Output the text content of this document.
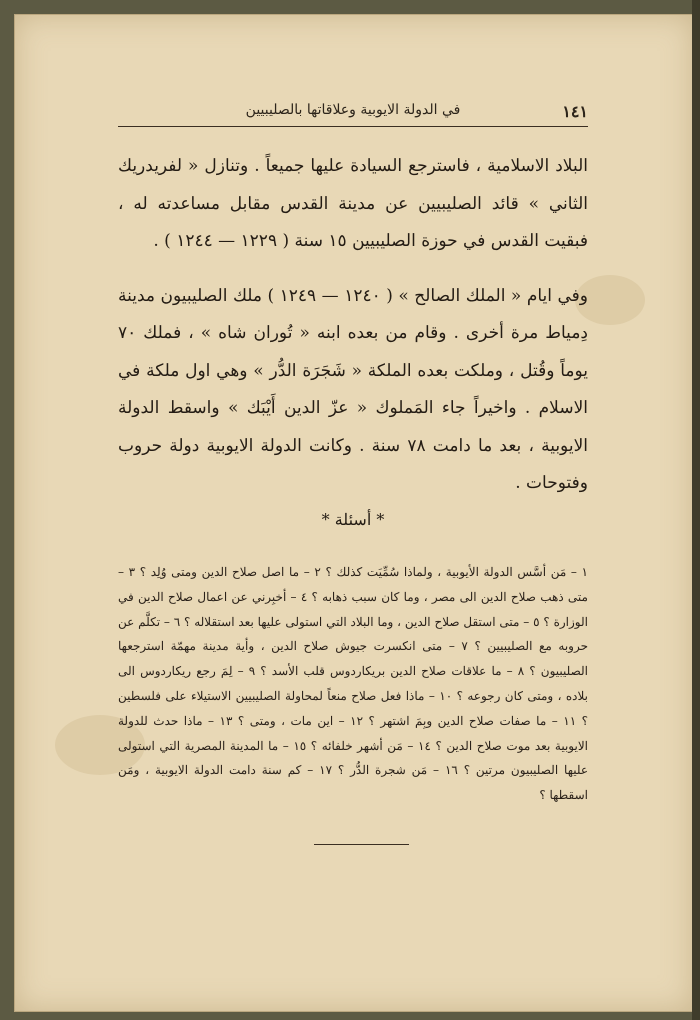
١٤١
في الدولة الايوبية وعلاقاتها بالصليبيين

البلاد الاسلامية ، فاسترجع السيادة عليها جميعاً . وتنازل « لفريدريك الثاني » قائد الصليبيين عن مدينة القدس مقابل مساعدته له ، فبقيت القدس في حوزة الصليبيين ١٥ سنة ( ١٢٢٩ — ١٢٤٤ ) .

وفي ايام « الملك الصالح » ( ١٢٤٠ — ١٢٤٩ ) ملك الصليبيون مدينة دِمياط مرة أخرى . وقام من بعده ابنه « تُوران شاه » ، فملك ٧٠ يوماً وقُتل ، وملكت بعده الملكة « شَجَرَة الدُّر » وهي اول ملكة في الاسلام . واخيراً جاء المَملوك « عزّ الدين أَيْبَك » واسقط الدولة الايوبية ، بعد ما دامت ٧٨ سنة . وكانت الدولة الايوبية دولة حروب وفتوحات .

* أسئلة *
١ – مَن أسَّس الدولة الأيوبية ، ولماذا سُمِّيَت كذلك ؟ ٢ – ما اصل صلاح الدين ومتى وُلِد ؟ ٣ – متى ذهب صلاح الدين الى مصر ، وما كان سبب ذهابه ؟ ٤ – أخبِرني عن اعمال صلاح الدين في الوزارة ؟ ٥ – متى استقل صلاح الدين ، وما البلاد التي استولى عليها بعد استقلاله ؟ ٦ – تكلَّم عن حروبه مع الصليبيين ؟ ٧ – متى انكسرت جيوش صلاح الدين ، وأية مدينة مهمّة استرجعها الصليبيون ؟ ٨ – ما علاقات صلاح الدين بريكاردوس قلب الأسد ؟ ٩ – لِمَ رجع ريكاردوس الى بلاده ، ومتى كان رجوعه ؟ ١٠ – ماذا فعل صلاح منعاً لمحاولة الصليبيين الاستيلاء على فلسطين ؟ ١١ – ما صفات صلاح الدين وبِمَ اشتهر ؟ ١٢ – اين مات ، ومتى ؟ ١٣ – ماذا حدث للدولة الايوبية بعد موت صلاح الدين ؟ ١٤ – مَن أشهر خلفائه ؟ ١٥ – ما المدينة المصرية التي استولى عليها الصليبيون مرتين ؟ ١٦ – مَن شجرة الدُّر ؟ ١٧ – كم سنة دامت الدولة الايوبية ، ومَن اسقطها ؟
